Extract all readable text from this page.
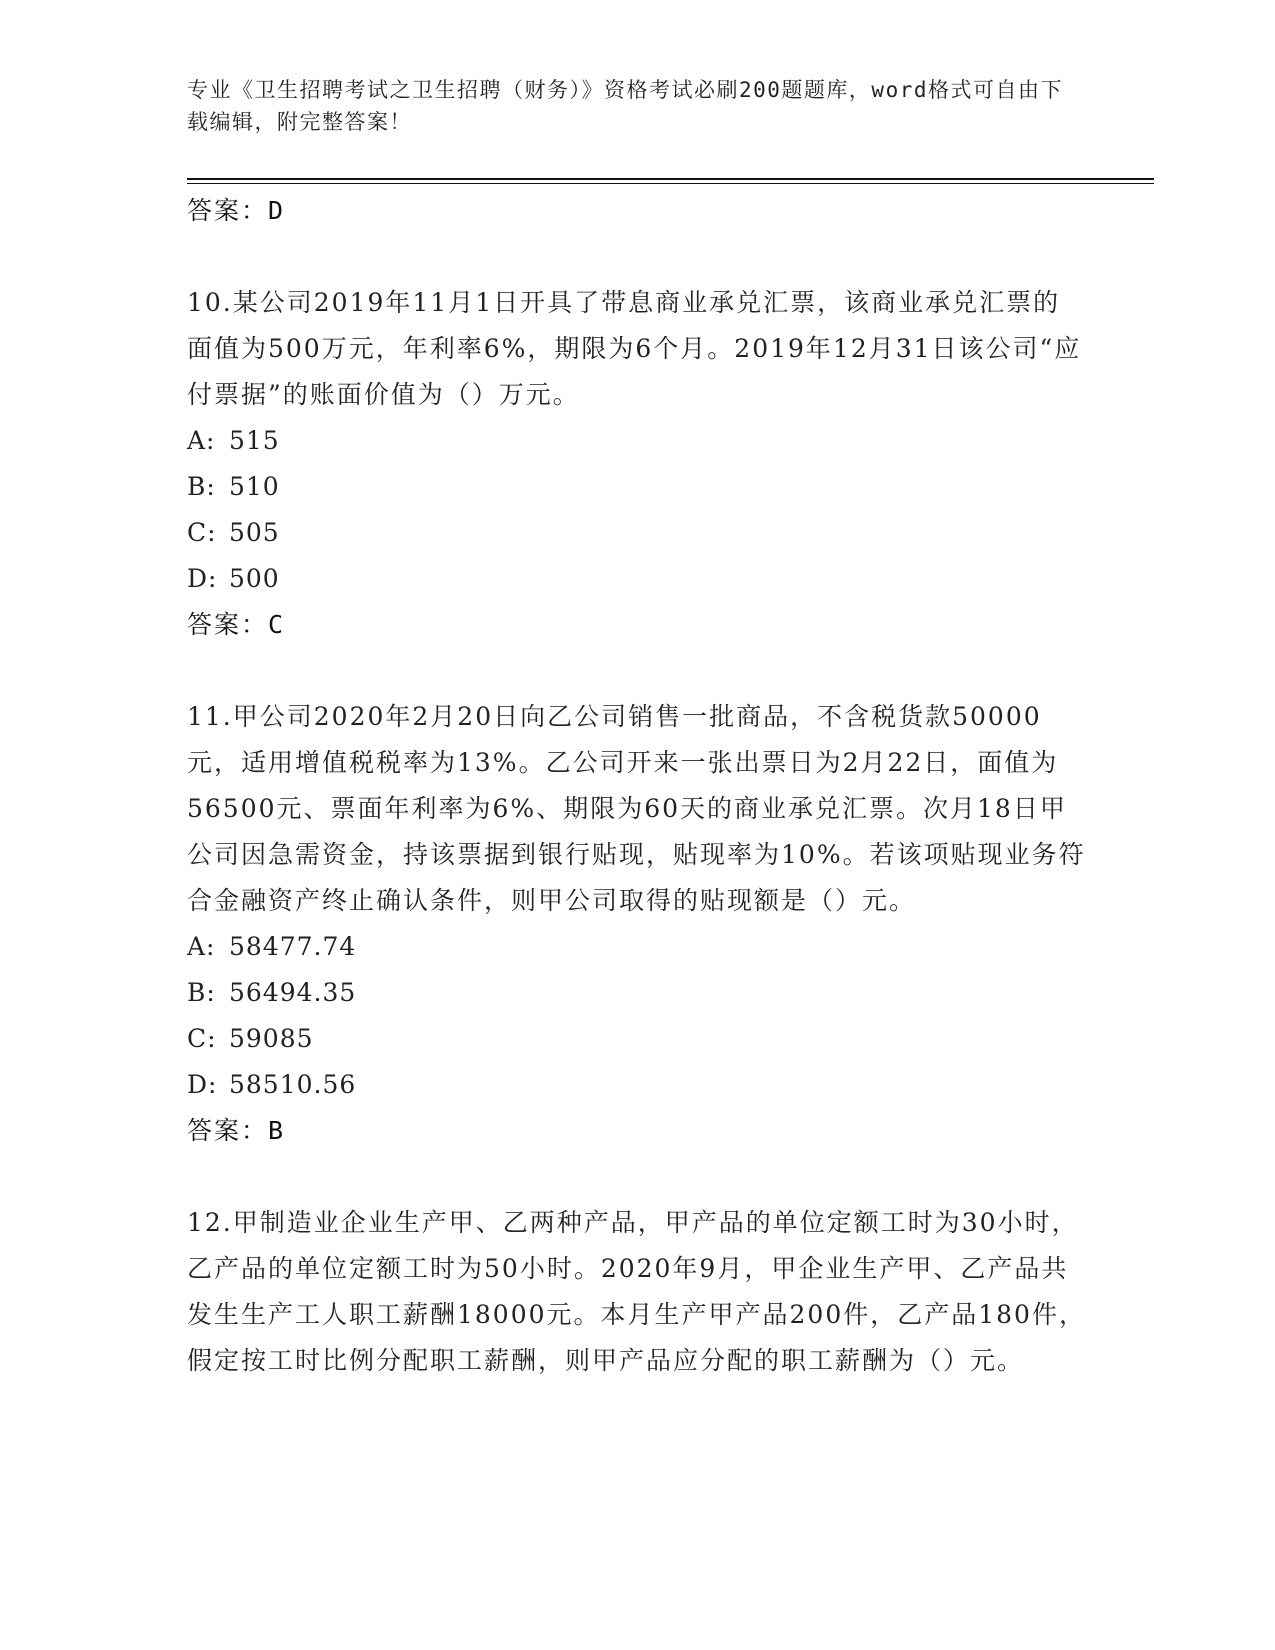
专业《卫生招聘考试之卫生招聘（财务）》资格考试必刷200题题库，word格式可自由下载编辑，附完整答案！
答案：D

10.某公司2019年11月1日开具了带息商业承兑汇票，该商业承兑汇票的面值为500万元，年利率6%，期限为6个月。2019年12月31日该公司“应付票据”的账面价值为（）万元。

A: 515
B: 510
C: 505
D: 500
答案：C

11.甲公司2020年2月20日向乙公司销售一批商品，不含税货款50000元，适用增值税税率为13%。乙公司开来一张出票日为2月22日，面值为56500元、票面年利率为6%、期限为60天的商业承兑汇票。次月18日甲公司因急需资金，持该票据到银行贴现，贴现率为10%。若该项贴现业务符合金融资产终止确认条件，则甲公司取得的贴现额是（）元。

A: 58477.74
B: 56494.35
C: 59085
D: 58510.56
答案：B

12.甲制造业企业生产甲、乙两种产品，甲产品的单位定额工时为30小时，乙产品的单位定额工时为50小时。2020年9月，甲企业生产甲、乙产品共发生生产工人职工薪酬18000元。本月生产甲产品200件，乙产品180件，假定按工时比例分配职工薪酬，则甲产品应分配的职工薪酬为（）元。
